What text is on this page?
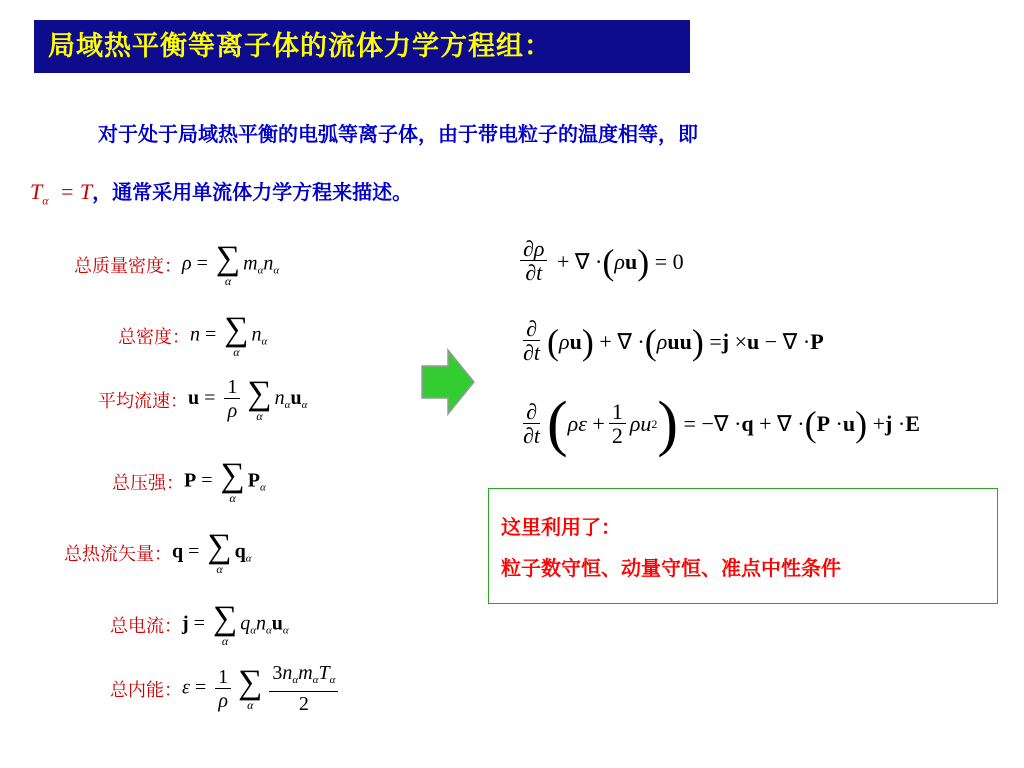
局域热平衡等离子体的流体力学方程组：
对于处于局域热平衡的电弧等离子体，由于带电粒子的温度相等，即
$T_\alpha = T$，通常采用单流体力学方程来描述。
总质量密度： ρ = ∑
α
$m_\alpha n_\alpha$
总密度： n = ∑
α
$n_\alpha$
平均流速： $u = \frac{1}{\rho}$ ∑
α
$n_\alpha u_\alpha$
总压强： P = ∑
α
$P_\alpha$
总热流矢量： q = ∑
α
$q_\alpha$
总电流： j = ∑
α
$q_\alpha n_\alpha u_\alpha$
总内能： $\varepsilon = \frac{1}{\rho}$ ∑
α $\frac{3n_\alpha m_\alpha T_\alpha}{2}$
$\frac{\partial\rho}{\partial t}$ + ∇ · ( ρ u ) = 0
$\frac{\partial}{\partial t}$ ( ρ u ) + ∇ · ( ρ uu ) = j × u − ∇ · P
$\frac{\partial}{\partial t}$ ( $\rho\varepsilon + \frac{1}{2}$ ρu 2 ) = −∇ · q + ∇ · ( P · u ) + j · E
这里利用了：
粒子数守恒、动量守恒、准点中性条件
